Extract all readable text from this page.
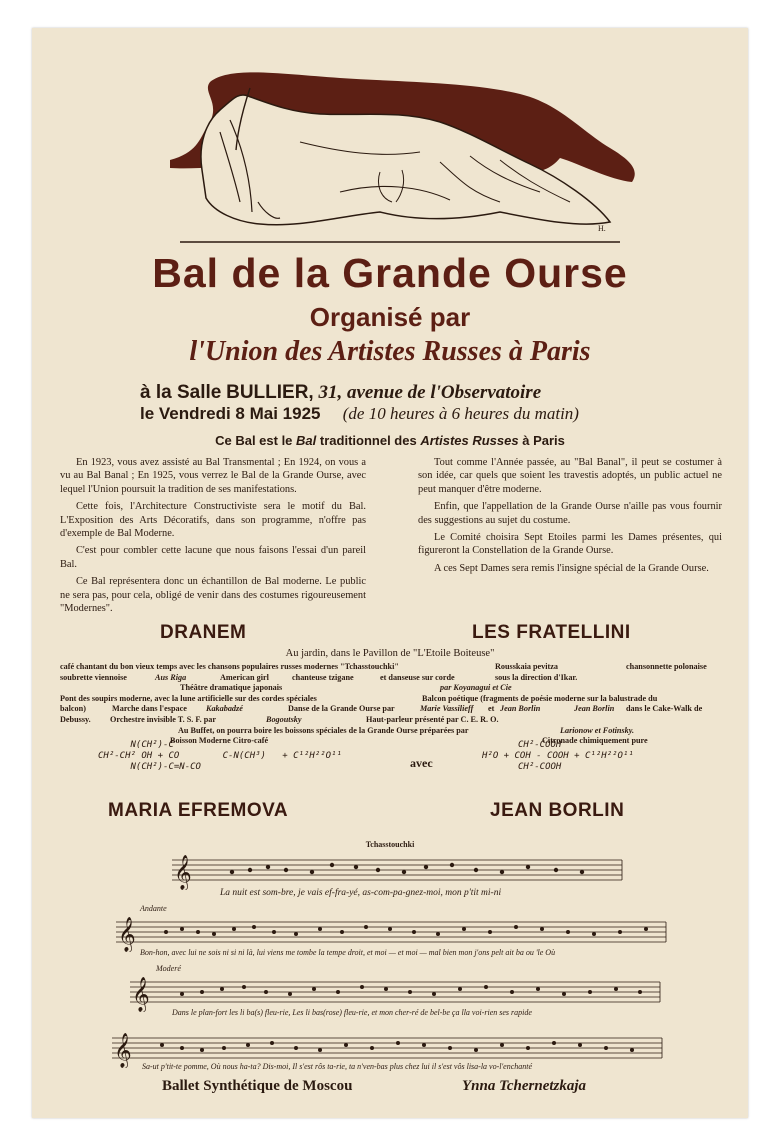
H.
Bal de la Grande Ourse
Organisé par
l'Union des Artistes Russes à Paris
à la Salle BULLIER, 31, avenue de l'Observatoire
le Vendredi 8 Mai 1925 (de 10 heures à 6 heures du matin)
Ce Bal est le Bal traditionnel des Artistes Russes à Paris

En 1923, vous avez assisté au Bal Transmental ; En 1924, on vous a vu au Bal Banal ; En 1925, vous verrez le Bal de la Grande Ourse, avec lequel l'Union poursuit la tradition de ses manifestations.

Cette fois, l'Architecture Constructiviste sera le motif du Bal. L'Exposition des Arts Décoratifs, dans son programme, n'offre pas d'exemple de Bal Moderne.

C'est pour combler cette lacune que nous faisons l'essai d'un pareil Bal.

Ce Bal représentera donc un échantillon de Bal moderne. Le public ne sera pas, pour cela, obligé de venir dans des costumes rigoureusement "Modernes".

Tout comme l'Année passée, au "Bal Banal", il peut se costumer à son idée, car quels que soient les travestis adoptés, un public actuel ne peut manquer d'être moderne.

Enfin, que l'appellation de la Grande Ourse n'aille pas vous fournir des suggestions au sujet du costume.

Le Comité choisira Sept Etoiles parmi les Dames présentes, qui figureront la Constellation de la Grande Ourse.

A ces Sept Dames sera remis l'insigne spécial de la Grande Ourse.

DRANEM	LES FRATELLINI
Au jardin, dans le Pavillon de "L'Etoile Boiteuse"
café chantant du bon vieux temps avec les chansons populaires russes modernes "Tchasstouchki"	Rousskaia pevitza	chansonnette polonaise
soubrette viennoise	Aus Riga	American girl	chanteuse tzigane	et danseuse sur corde	sous la direction d'Ikar.
Théâtre dramatique japonais	par Koyanagui et Cie
Pont des soupirs moderne, avec la lune artificielle sur des cordes spéciales	Balcon poétique (fragments de poésie moderne sur la balustrade du
balcon)	Marche dans l'espace Kakabadzé	Danse de la Grande Ourse par	Marie Vassilieff et Jean Borlin	Jean Borlin dans le Cake-Walk de
Debussy. Orchestre invisible T. S. F. par	Bogoutsky	Haut-parleur présenté par C. E. R. O.
Au Buffet, on pourra boire les boissons spéciales de la Grande Ourse préparées par	Larionow et Fotinsky.
Boisson Moderne Citro-café	Citronade chimiquement pure
N(CH²)-C
CH²-CH² OH + CO        C-N(CH³)   + C¹²H²²O¹¹
N(CH²)-C=N-CO	avec
CH²-COOH
H²O + COH - COOH + C¹²H²²O¹¹
CH²-COOH
MARIA EFREMOVA	JEAN BORLIN
Tchasstouchki
𝄞
La nuit est som-bre, je vais ef-fra-yé, as-com-pa-gnez-moi, mon p'tit mi-ni
Andante
𝄞
Bon-hon, avec lui ne sois ni si ni là, lui viens me tombe la tempe droit, et moi — et moi — mal bien mon j'ons pelt ait ba ou 'le Où
Moderé
𝄞
Dans le plan-fort les li ba(s) fleu-rie, Les li bas(rose) fleu-rie, et mon cher-ré de bel-be ça lla voi-rien ses rapide
𝄞 Sa-ut p'tit-te pomme, Où nous ha-ta? Dis-moi, Il s'est rôs ta-rie, ta n'ven-bas plus chez lui il s'est vôs lisa-la vo-l'enchanté
Ballet Synthétique de Moscou	Ynna Tchernetzkaja
